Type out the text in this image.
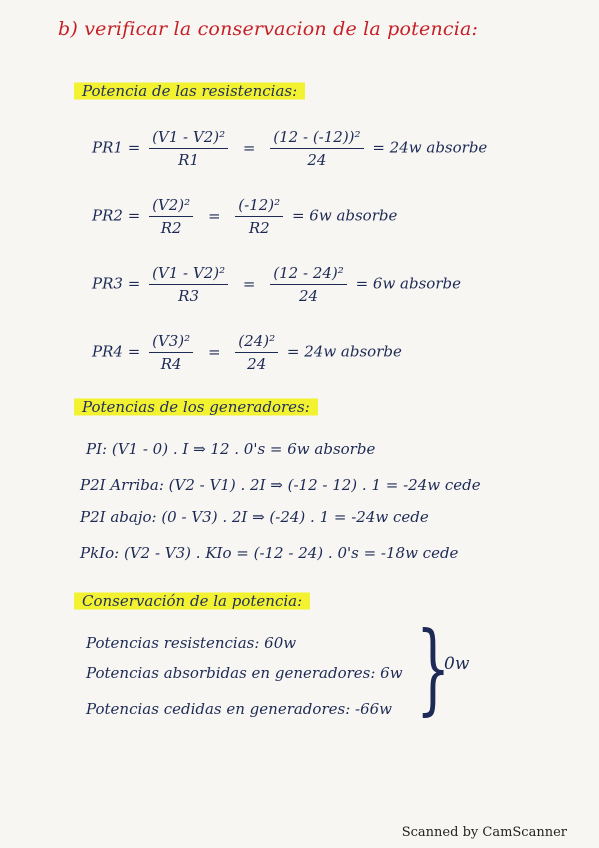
b) verificar la conservacion de la potencia:
Potencia de las resistencias:
$PR1 = \frac{\text{(V1 - V2)²}}{R1} = \frac{\text{(12 - (-12))²}}{24} = 24w$ absorbe
$PR2 = \frac{\text{(V2)²}}{R2} = \frac{\text{(-12)²}}{R2} = 6w$ absorbe
$PR3 = \frac{\text{(V1 - V2)²}}{R3} = \frac{\text{(12 - 24)²}}{24} = 6w$ absorbe
$PR4 = \frac{\text{(V3)²}}{R4} = \frac{\text{(24)²}}{24} = 24w$ absorbe
Potencias de los generadores:
PI: (V1 - 0) . I ⇒ 12 . 0's = 6w absorbe
P2I Arriba: (V2 - V1) . 2I ⇒ (-12 - 12) . 1 = -24w cede
P2I abajo: (0 - V3) . 2I ⇒ (-24) . 1 = -24w cede
PkIo: (V2 - V3) . KIo = (-12 - 24) . 0's = -18w cede
Conservación de la potencia:
Potencias resistencias: 60w
Potencias absorbidas en generadores: 6w
Potencias cedidas en generadores: -66w }
0w
Scanned by CamScanner
